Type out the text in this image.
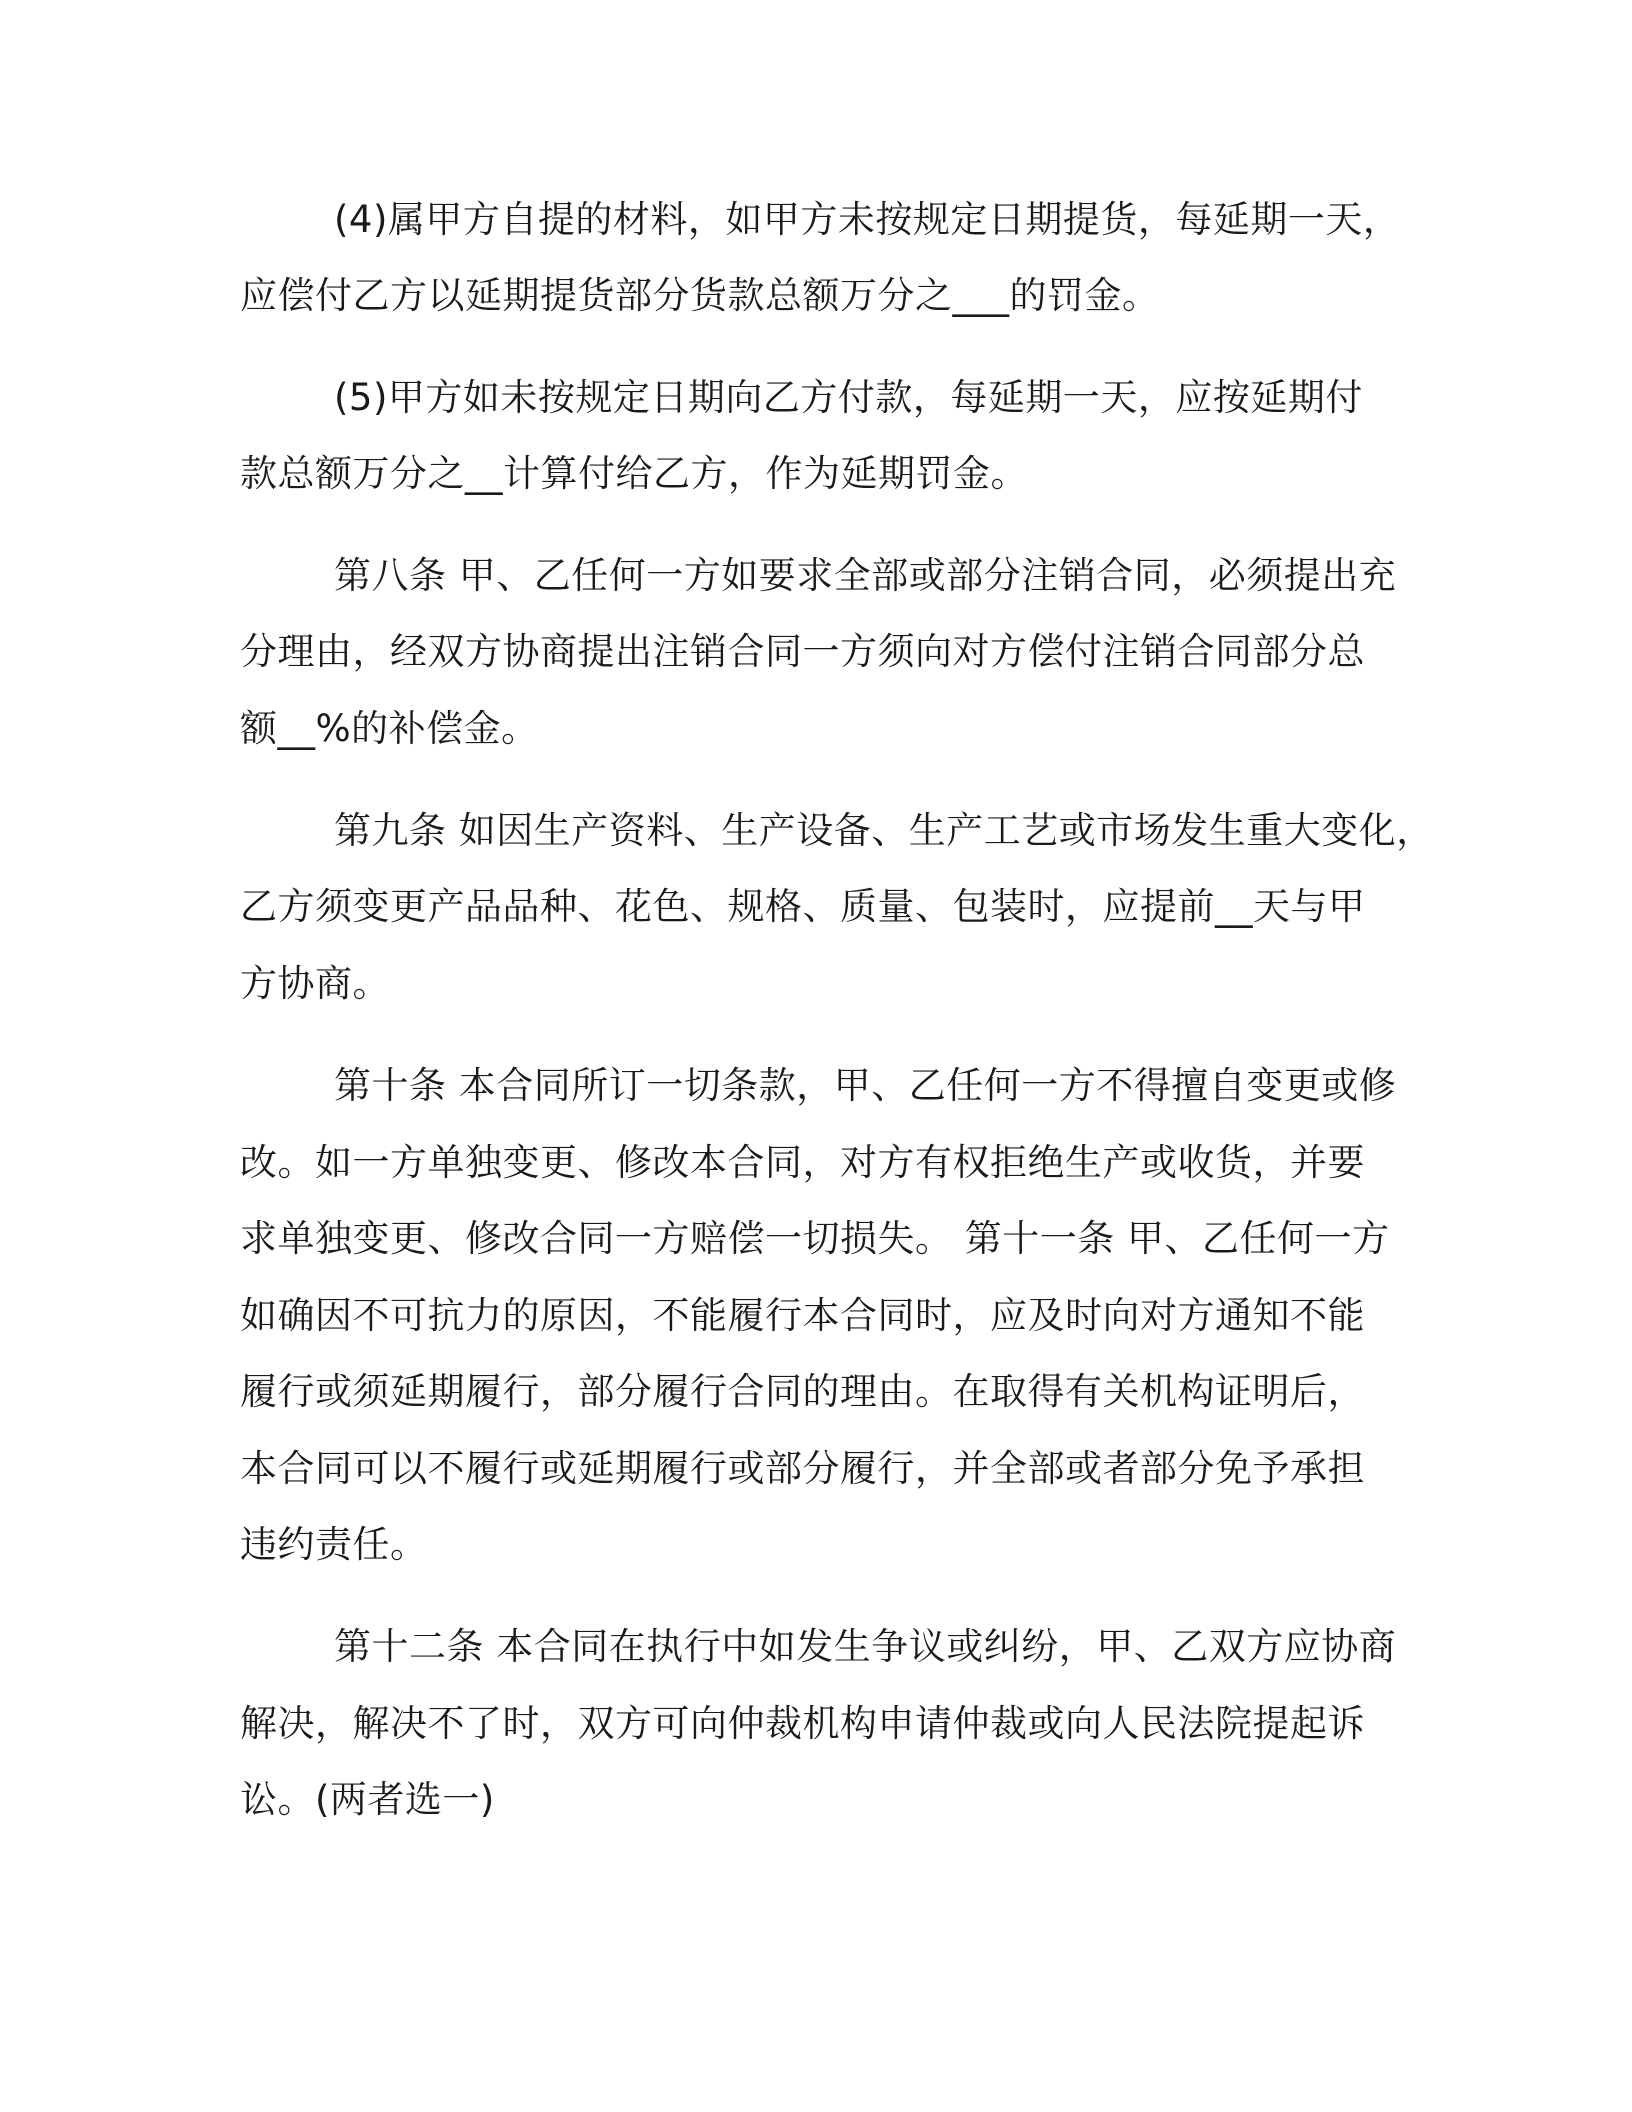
(4)属甲方自提的材料，如甲方未按规定日期提货，每延期一天，
应偿付乙方以延期提货部分货款总额万分之___的罚金。
(5)甲方如未按规定日期向乙方付款，每延期一天，应按延期付
款总额万分之__计算付给乙方，作为延期罚金。
第八条 甲、乙任何一方如要求全部或部分注销合同，必须提出充
分理由，经双方协商提出注销合同一方须向对方偿付注销合同部分总
额__%的补偿金。
第九条 如因生产资料、生产设备、生产工艺或市场发生重大变化，
乙方须变更产品品种、花色、规格、质量、包装时，应提前__天与甲
方协商。
第十条 本合同所订一切条款，甲、乙任何一方不得擅自变更或修
改。如一方单独变更、修改本合同，对方有权拒绝生产或收货，并要
求单独变更、修改合同一方赔偿一切损失。 第十一条 甲、乙任何一方
如确因不可抗力的原因，不能履行本合同时，应及时向对方通知不能
履行或须延期履行，部分履行合同的理由。在取得有关机构证明后，
本合同可以不履行或延期履行或部分履行，并全部或者部分免予承担
违约责任。
第十二条 本合同在执行中如发生争议或纠纷，甲、乙双方应协商
解决，解决不了时，双方可向仲裁机构申请仲裁或向人民法院提起诉
讼。(两者选一)
